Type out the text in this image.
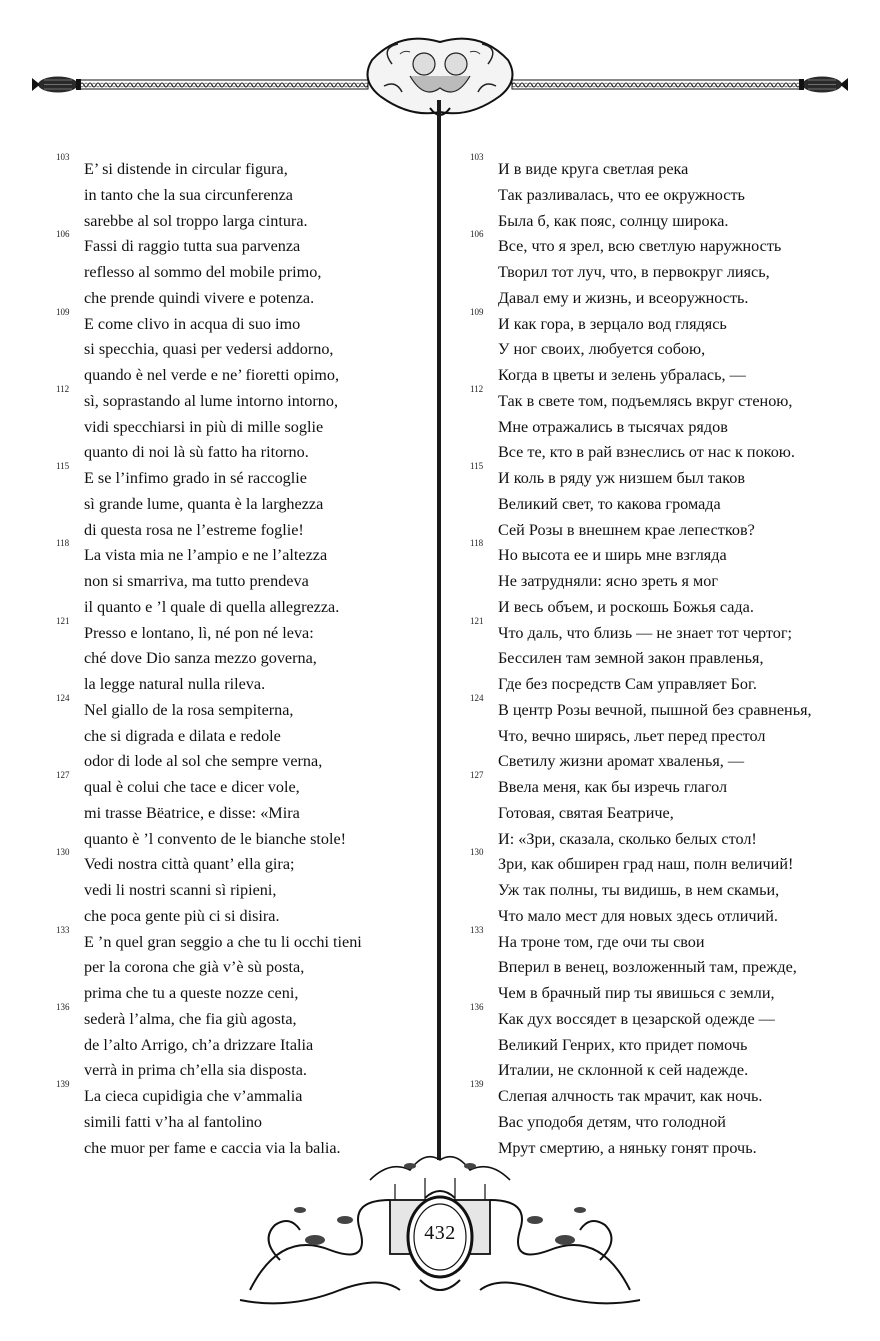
103
E’ si distende in circular figura,
in tanto che la sua circunferenza
sarebbe al sol troppo larga cintura.
106
Fassi di raggio tutta sua parvenza
reflesso al sommo del mobile primo,
che prende quindi vivere e potenza.
109
E come clivo in acqua di suo imo
si specchia, quasi per vedersi addorno,
quando è nel verde e ne’ fioretti opimo,
112
sì, soprastando al lume intorno intorno,
vidi specchiarsi in più di mille soglie
quanto di noi là sù fatto ha ritorno.
115
E se l’infimo grado in sé raccoglie
sì grande lume, quanta è la larghezza
di questa rosa ne l’estreme foglie!
118
La vista mia ne l’ampio e ne l’altezza
non si smarriva, ma tutto prendeva
il quanto e ’l quale di quella allegrezza.
121
Presso e lontano, lì, né pon né leva:
ché dove Dio sanza mezzo governa,
la legge natural nulla rileva.
124
Nel giallo de la rosa sempiterna,
che si digrada e dilata e redole
odor di lode al sol che sempre verna,
127
qual è colui che tace e dicer vole,
mi trasse Bëatrice, e disse: «Mira
quanto è ’l convento de le bianche stole!
130
Vedi nostra città quant’ ella gira;
vedi li nostri scanni sì ripieni,
che poca gente più ci si disira.
133
E ’n quel gran seggio a che tu li occhi tieni
per la corona che già v’è sù posta,
prima che tu a queste nozze ceni,
136
sederà l’alma, che fia giù agosta,
de l’alto Arrigo, ch’a drizzare Italia
verrà in prima ch’ella sia disposta.
139
La cieca cupidigia che v’ammalia
simili fatti v’ha al fantolino
che muor per fame e caccia via la balia.
103
И в виде круга светлая река
Так разливалась, что ее окружность
Была б, как пояс, солнцу широка.
106
Все, что я зрел, всю светлую наружность
Творил тот луч, что, в первокруг лиясь,
Давал ему и жизнь, и всеоружность.
109
И как гора, в зерцало вод глядясь
У ног своих, любуется собою,
Когда в цветы и зелень убралась, —
112
Так в свете том, подъемлясь вкруг стеною,
Мне отражались в тысячах рядов
Все те, кто в рай взнеслись от нас к покою.
115
И коль в ряду уж низшем был таков
Великий свет, то какова громада
Сей Розы в внешнем крае лепестков?
118
Но высота ее и ширь мне взгляда
Не затрудняли: ясно зреть я мог
И весь объем, и роскошь Божья сада.
121
Что даль, что близь — не знает тот чертог;
Бессилен там земной закон правленья,
Где без посредств Сам управляет Бог.
124
В центр Розы вечной, пышной без сравненья,
Что, вечно ширясь, льет перед престол
Светилу жизни аромат хваленья, —
127
Ввела меня, как бы изречь глагол
Готовая, святая Беатриче,
И: «Зри, сказала, сколько белых стол!
130
Зри, как обширен град наш, полн величий!
Уж так полны, ты видишь, в нем скамьи,
Что мало мест для новых здесь отличий.
133
На троне том, где очи ты свои
Вперил в венец, возложенный там, прежде,
Чем в брачный пир ты явишься с земли,
136
Как дух воссядет в цезарской одежде —
Великий Генрих, кто придет помочь
Италии, не склонной к сей надежде.
139
Слепая алчность так мрачит, как ночь.
Вас уподобя детям, что голодной
Мрут смертию, а няньку гонят прочь.
432
